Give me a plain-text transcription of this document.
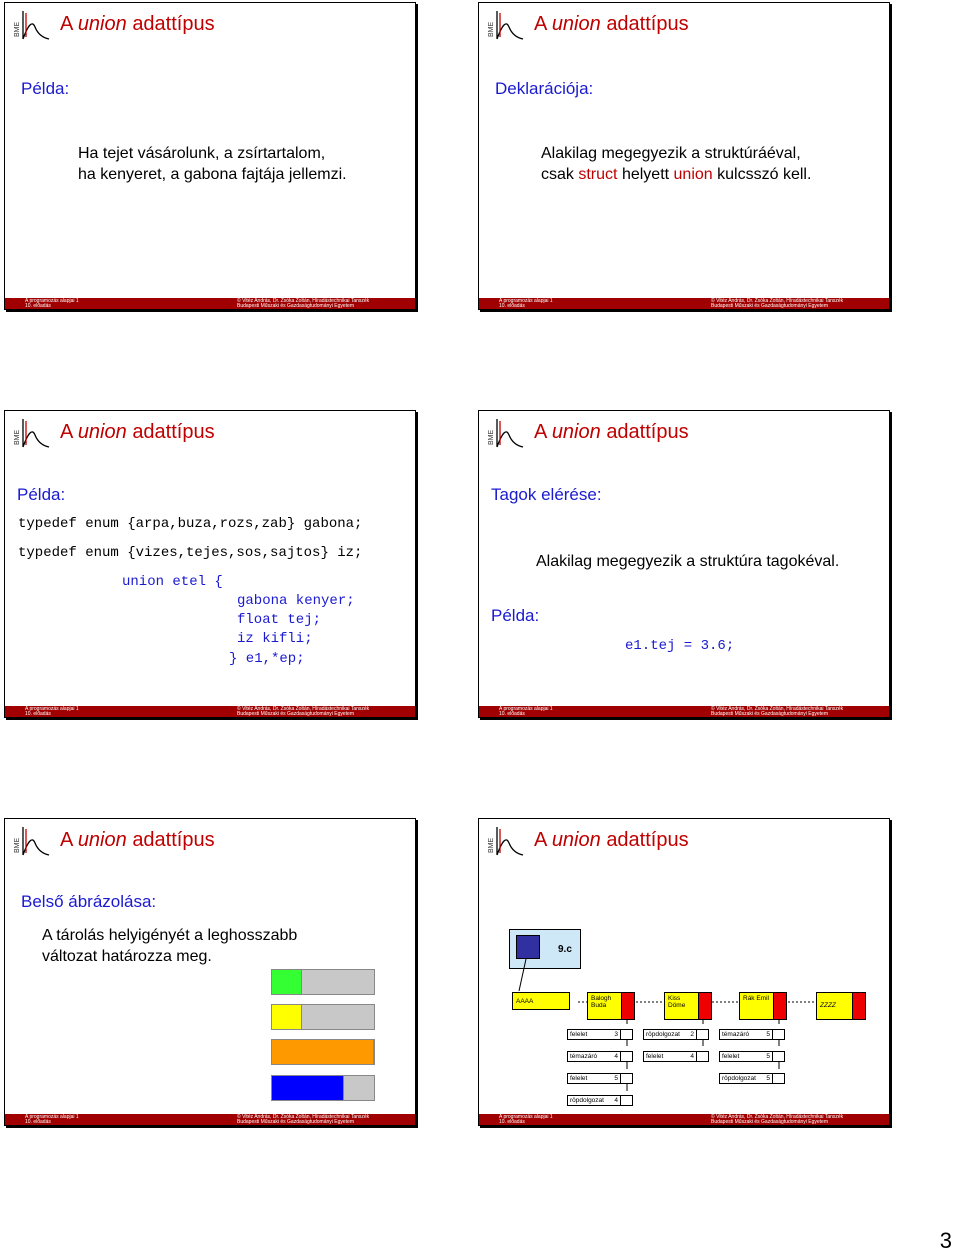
BME A union adattípus
Példa:
Ha tejet vásárolunk, a zsírtartalom,
ha kenyeret, a gabona fajtája jellemzi.
A programozás alapjai 1
10. előadás
© Vitéz András, Dr. Zsóka Zoltán, Híradástechnikai Tanszék
Budapesti Műszaki és Gazdaságtudományi Egyetem
BME A union adattípus
Deklarációja:
Alakilag megegyezik a struktúráéval,
csak struct helyett union kulcsszó kell.
A programozás alapjai 1
10. előadás
© Vitéz András, Dr. Zsóka Zoltán, Híradástechnikai Tanszék
Budapesti Műszaki és Gazdaságtudományi Egyetem
BME A union adattípus
Példa:
typedef enum {arpa,buza,rozs,zab} gabona;
typedef enum {vizes,tejes,sos,sajtos} iz;
union etel {
gabona kenyer;
float tej;
iz kifli;
} e1,*ep;
A programozás alapjai 1
10. előadás
© Vitéz András, Dr. Zsóka Zoltán, Híradástechnikai Tanszék
Budapesti Műszaki és Gazdaságtudományi Egyetem
BME A union adattípus
Tagok elérése:
Alakilag megegyezik a struktúra tagokéval.
Példa:
e1.tej = 3.6;
A programozás alapjai 1
10. előadás
© Vitéz András, Dr. Zsóka Zoltán, Híradástechnikai Tanszék
Budapesti Műszaki és Gazdaságtudományi Egyetem
BME A union adattípus
Belső ábrázolása:
A tárolás helyigényét a leghosszabb
változat határozza meg.
A programozás alapjai 1
10. előadás
© Vitéz András, Dr. Zsóka Zoltán, Híradástechnikai Tanszék
Budapesti Műszaki és Gazdaságtudományi Egyetem
BME A union adattípus
9.c
AAAA	Balogh Buda
Kiss Döme
Rák Emil
ZZZZ
felelet	3
témazáró	4
felelet	5
röpdolgozat 4
röpdolgozat 2
felelet	4
témazáró	5
felelet	5
röpdolgozat 5
A programozás alapjai 1
10. előadás
© Vitéz András, Dr. Zsóka Zoltán, Híradástechnikai Tanszék
Budapesti Műszaki és Gazdaságtudományi Egyetem
3
